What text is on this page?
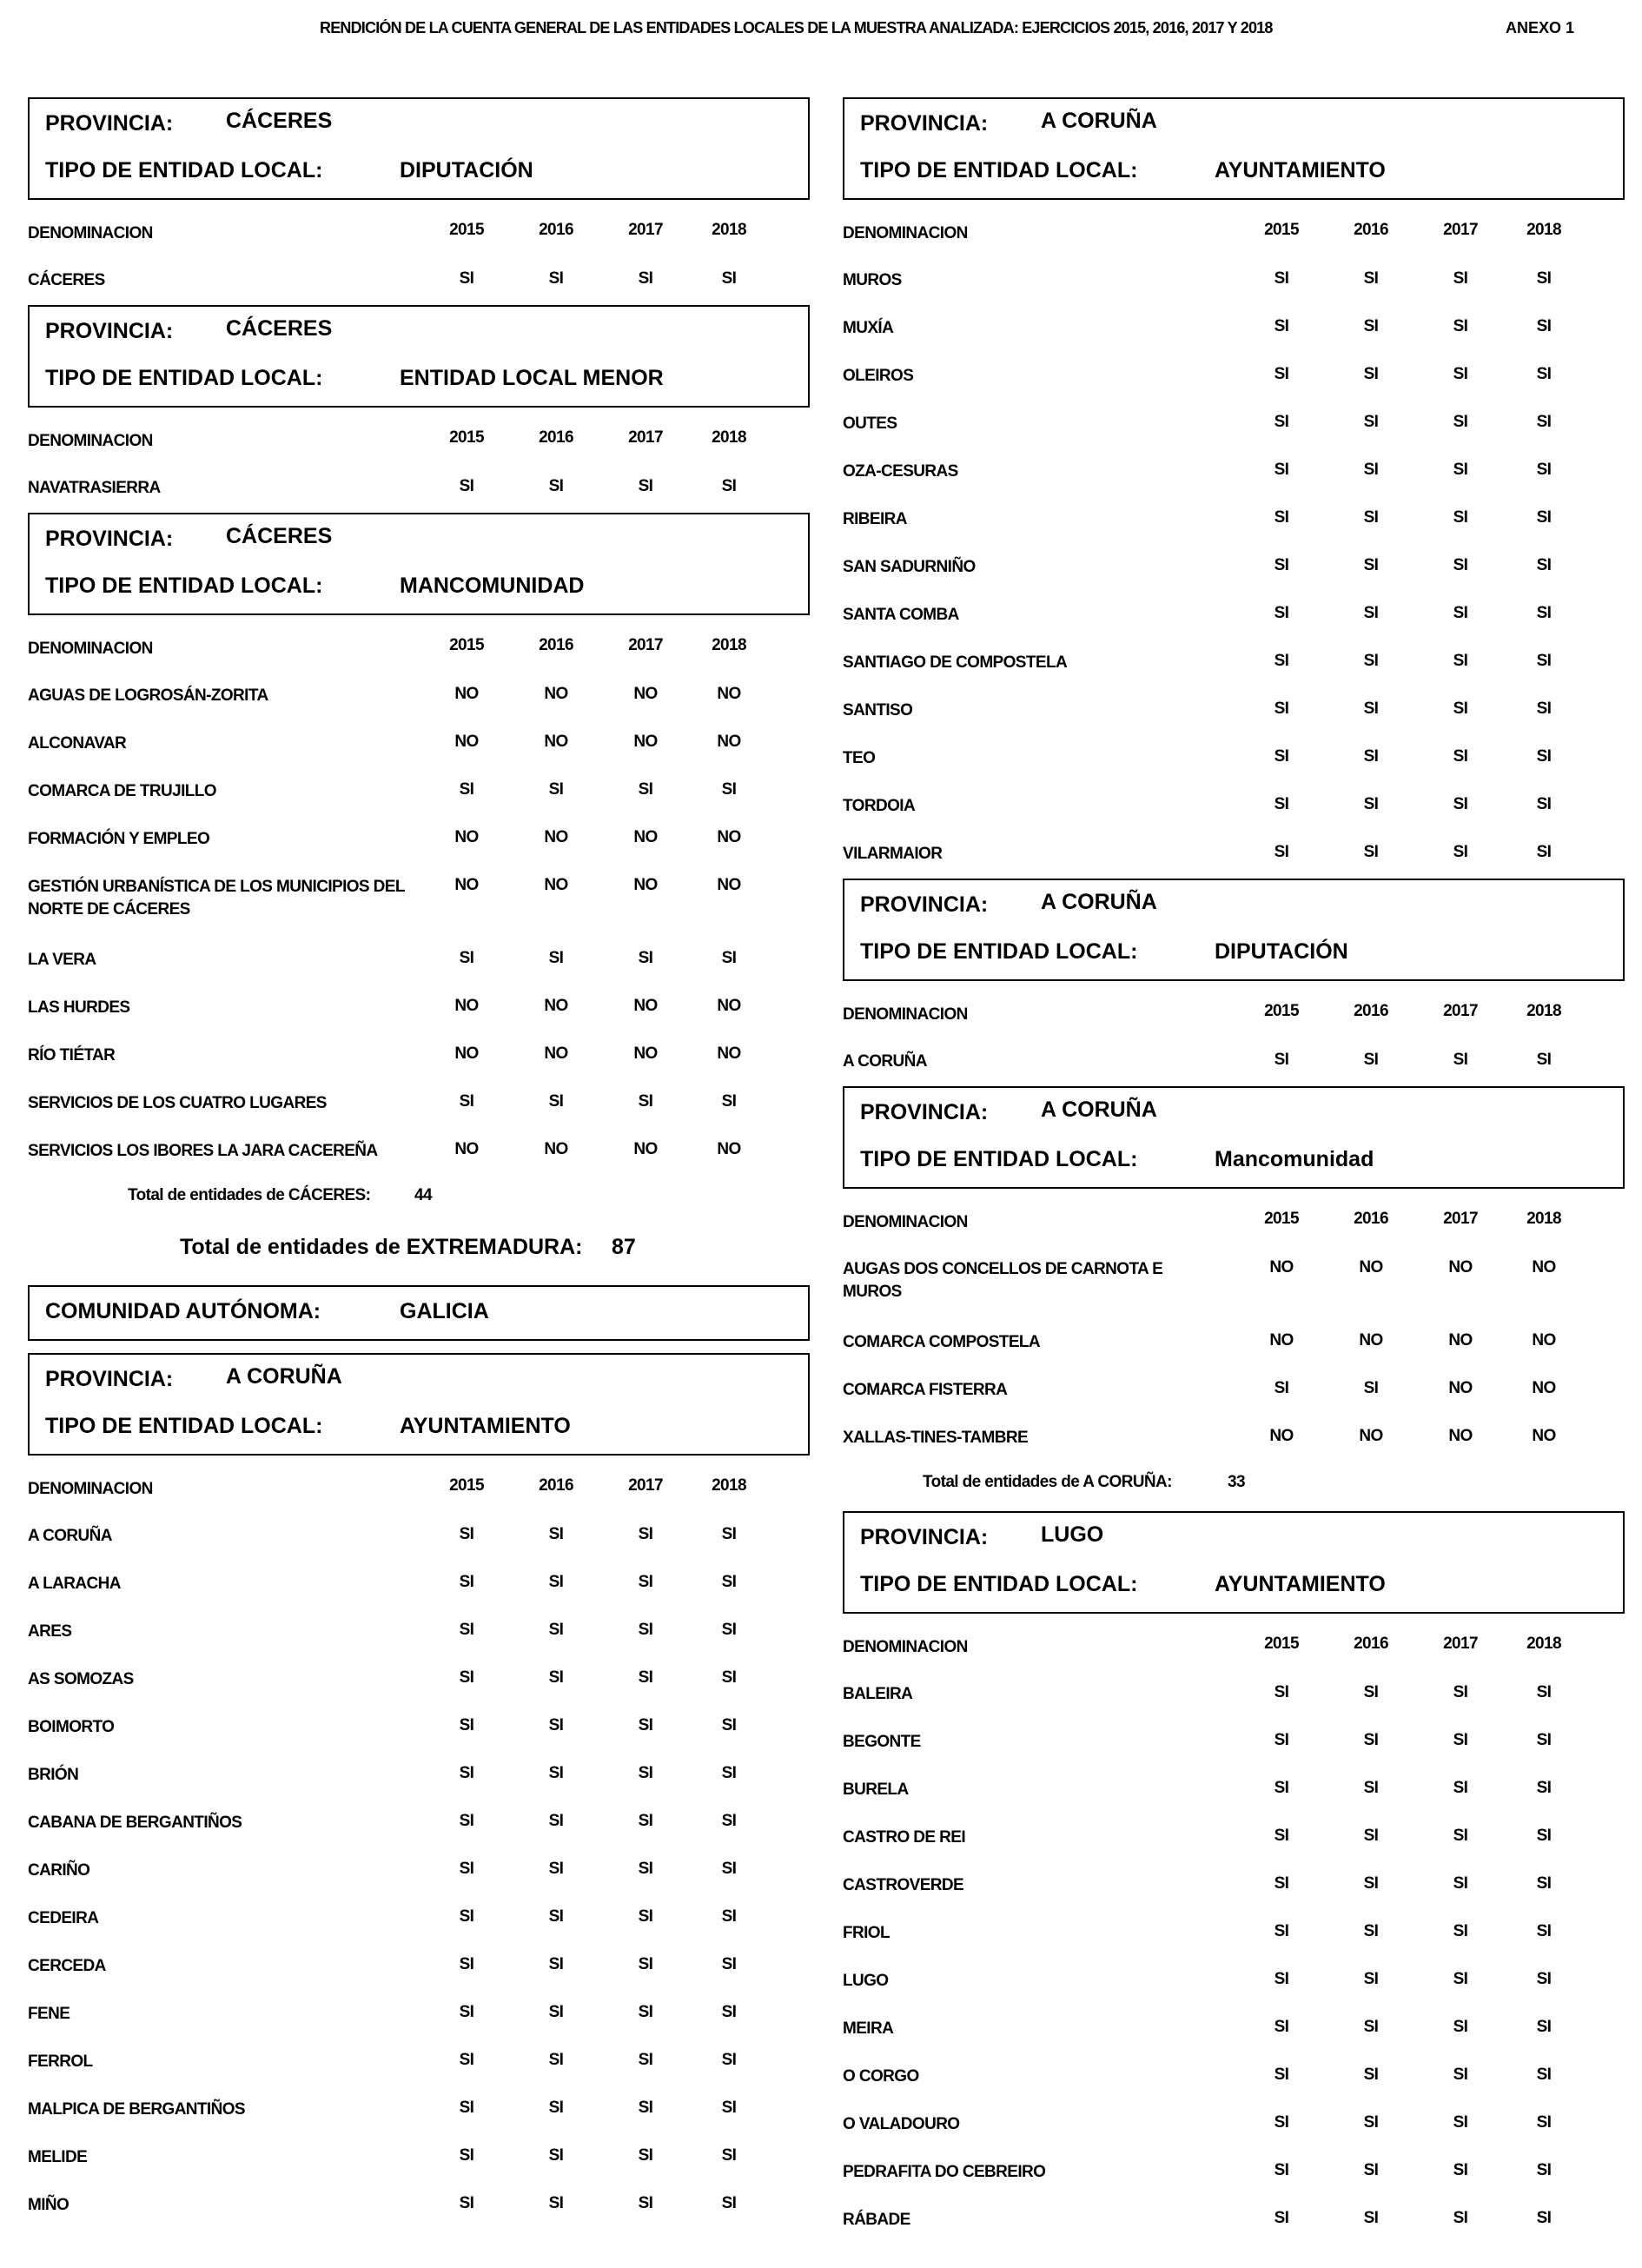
RENDICIÓN DE LA CUENTA GENERAL DE LAS ENTIDADES LOCALES DE LA MUESTRA ANALIZADA: EJERCICIOS 2015, 2016, 2017 Y 2018	ANEXO 1
PROVINCIA: CÁCERES
TIPO DE ENTIDAD LOCAL:	DIPUTACIÓN
DENOMINACION	2015	2016	2017	2018
CÁCERES	SI	SI	SI	SI
PROVINCIA: CÁCERES
TIPO DE ENTIDAD LOCAL:	ENTIDAD LOCAL MENOR
DENOMINACION	2015	2016	2017	2018
NAVATRASIERRA	SI	SI	SI	SI
PROVINCIA: CÁCERES
TIPO DE ENTIDAD LOCAL:	MANCOMUNIDAD
DENOMINACION	2015	2016	2017	2018
AGUAS DE LOGROSÁN-ZORITA	NO	NO	NO	NO
ALCONAVAR	NO	NO	NO	NO
COMARCA DE TRUJILLO	SI	SI	SI	SI
FORMACIÓN Y EMPLEO	NO	NO	NO	NO
GESTIÓN URBANÍSTICA DE LOS MUNICIPIOS DEL NORTE DE CÁCERES
NO	NO	NO	NO
LA VERA	SI	SI	SI	SI
LAS HURDES	NO	NO	NO	NO
RÍO TIÉTAR	NO	NO	NO	NO
SERVICIOS DE LOS CUATRO LUGARES	SI	SI	SI	SI
SERVICIOS LOS IBORES LA JARA CACEREÑA	NO	NO	NO	NO
Total de entidades de CÁCERES:	44
Total de entidades de EXTREMADURA: 87
COMUNIDAD AUTÓNOMA:	GALICIA
PROVINCIA: A CORUÑA
TIPO DE ENTIDAD LOCAL:	AYUNTAMIENTO
DENOMINACION	2015	2016	2017	2018
A CORUÑA	SI	SI	SI	SI
A LARACHA	SI	SI	SI	SI
ARES	SI	SI	SI	SI
AS SOMOZAS	SI	SI	SI	SI
BOIMORTO	SI	SI	SI	SI
BRIÓN	SI	SI	SI	SI
CABANA DE BERGANTIÑOS	SI	SI	SI	SI
CARIÑO	SI	SI	SI	SI
CEDEIRA	SI	SI	SI	SI
CERCEDA	SI	SI	SI	SI
FENE	SI	SI	SI	SI
FERROL	SI	SI	SI	SI
MALPICA DE BERGANTIÑOS	SI	SI	SI	SI
MELIDE	SI	SI	SI	SI
MIÑO	SI	SI	SI	SI
PROVINCIA: A CORUÑA
TIPO DE ENTIDAD LOCAL:	AYUNTAMIENTO
DENOMINACION	2015	2016	2017	2018
MUROS	SI	SI	SI	SI
MUXÍA	SI	SI	SI	SI
OLEIROS	SI	SI	SI	SI
OUTES	SI	SI	SI	SI
OZA-CESURAS	SI	SI	SI	SI
RIBEIRA	SI	SI	SI	SI
SAN SADURNIÑO	SI	SI	SI	SI
SANTA COMBA	SI	SI	SI	SI
SANTIAGO DE COMPOSTELA	SI	SI	SI	SI
SANTISO	SI	SI	SI	SI
TEO	SI	SI	SI	SI
TORDOIA	SI	SI	SI	SI
VILARMAIOR	SI	SI	SI	SI
PROVINCIA: A CORUÑA
TIPO DE ENTIDAD LOCAL:	DIPUTACIÓN
DENOMINACION	2015	2016	2017	2018
A CORUÑA	SI	SI	SI	SI
PROVINCIA: A CORUÑA
TIPO DE ENTIDAD LOCAL:	Mancomunidad
DENOMINACION	2015	2016	2017	2018
AUGAS DOS CONCELLOS DE CARNOTA E MUROS
NO	NO	NO	NO
COMARCA COMPOSTELA	NO	NO	NO	NO
COMARCA FISTERRA	SI	SI	NO	NO
XALLAS-TINES-TAMBRE	NO	NO	NO	NO
Total de entidades de A CORUÑA:	33
PROVINCIA: LUGO
TIPO DE ENTIDAD LOCAL:	AYUNTAMIENTO
DENOMINACION	2015	2016	2017	2018
BALEIRA	SI	SI	SI	SI
BEGONTE	SI	SI	SI	SI
BURELA	SI	SI	SI	SI
CASTRO DE REI	SI	SI	SI	SI
CASTROVERDE	SI	SI	SI	SI
FRIOL	SI	SI	SI	SI
LUGO	SI	SI	SI	SI
MEIRA	SI	SI	SI	SI
O CORGO	SI	SI	SI	SI
O VALADOURO	SI	SI	SI	SI
PEDRAFITA DO CEBREIRO	SI	SI	SI	SI
RÁBADE	SI	SI	SI	SI
